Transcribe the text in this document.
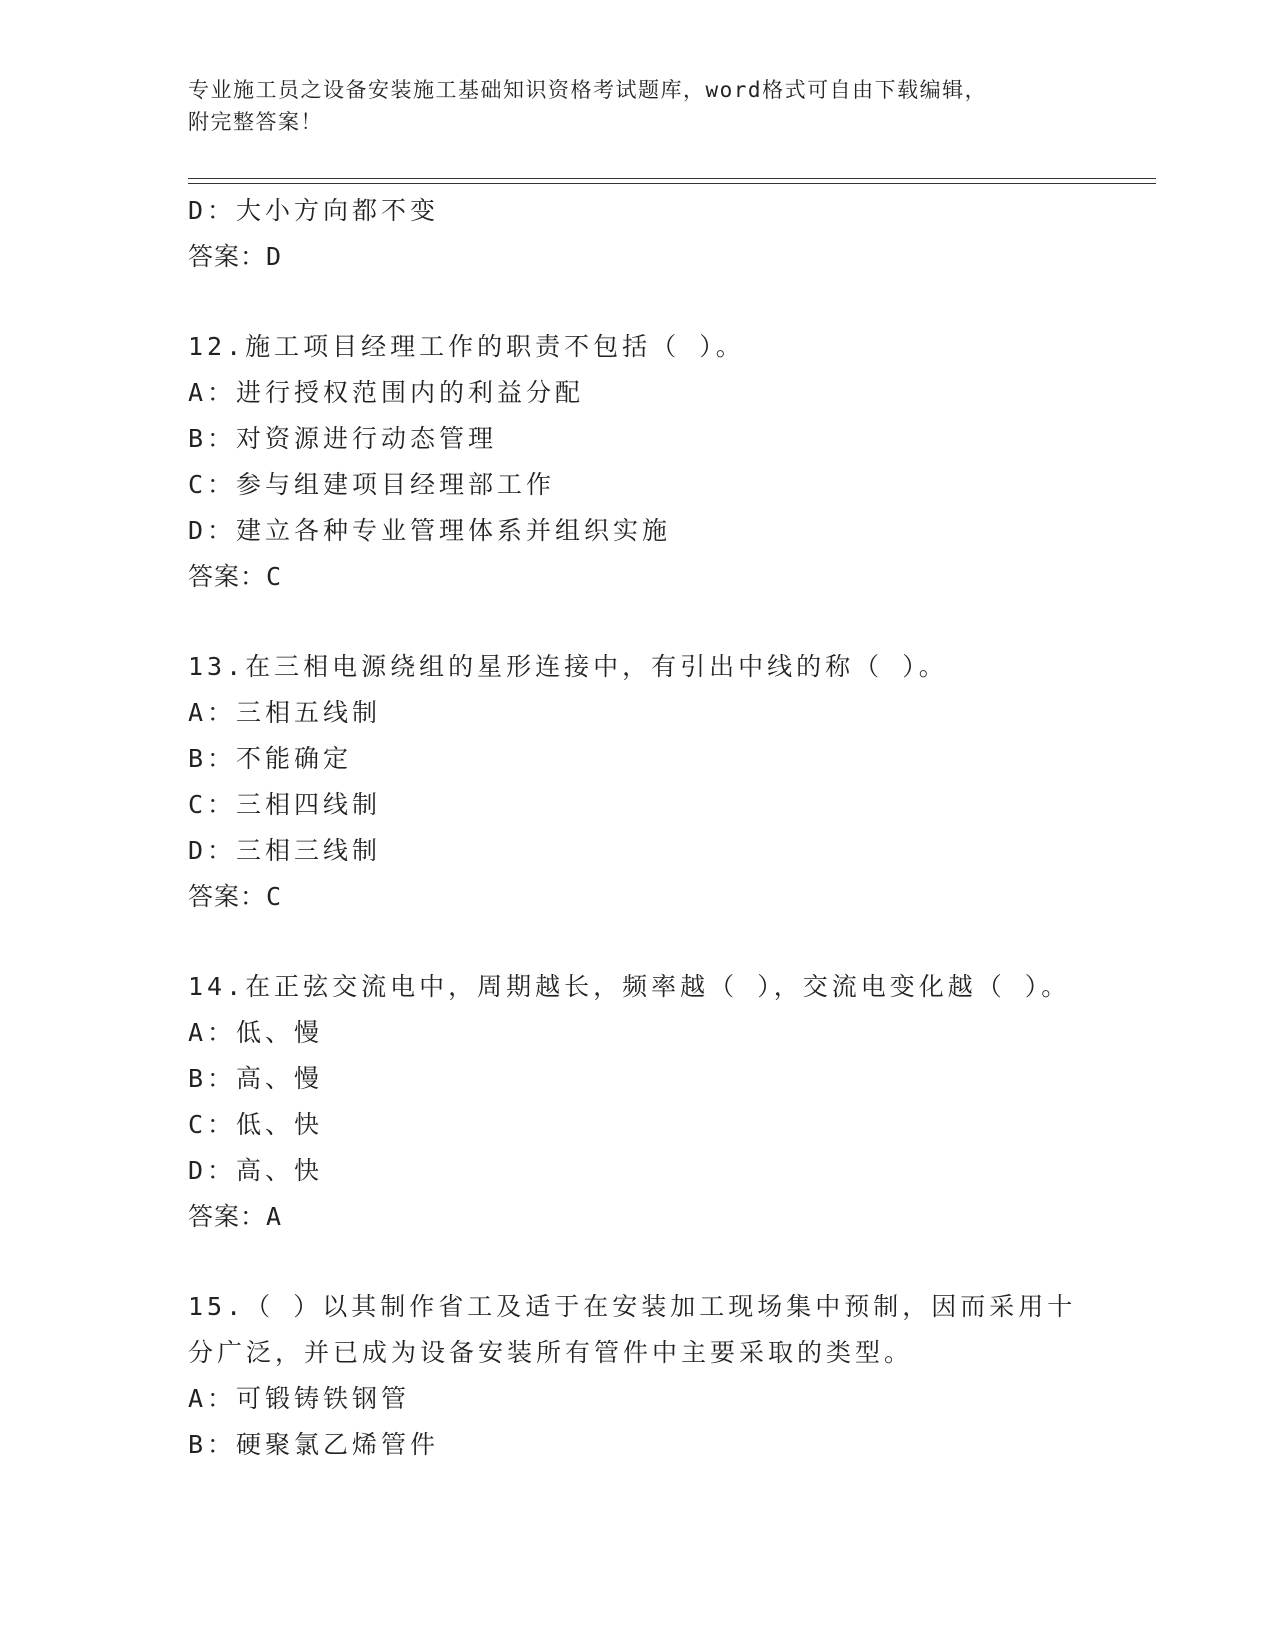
专业施工员之设备安装施工基础知识资格考试题库，word格式可自由下载编辑，
附完整答案！
D：大小方向都不变
答案：D
12.施工项目经理工作的职责不包括（ ）。
A：进行授权范围内的利益分配
B：对资源进行动态管理
C：参与组建项目经理部工作
D：建立各种专业管理体系并组织实施
答案：C
13.在三相电源绕组的星形连接中，有引出中线的称（ ）。
A：三相五线制
B：不能确定
C：三相四线制
D：三相三线制
答案：C
14.在正弦交流电中，周期越长，频率越（ ），交流电变化越（ ）。
A：低、慢
B：高、慢
C：低、快
D：高、快
答案：A
15.（ ）以其制作省工及适于在安装加工现场集中预制，因而采用十
分广泛，并已成为设备安装所有管件中主要采取的类型。
A：可锻铸铁钢管
B：硬聚氯乙烯管件
